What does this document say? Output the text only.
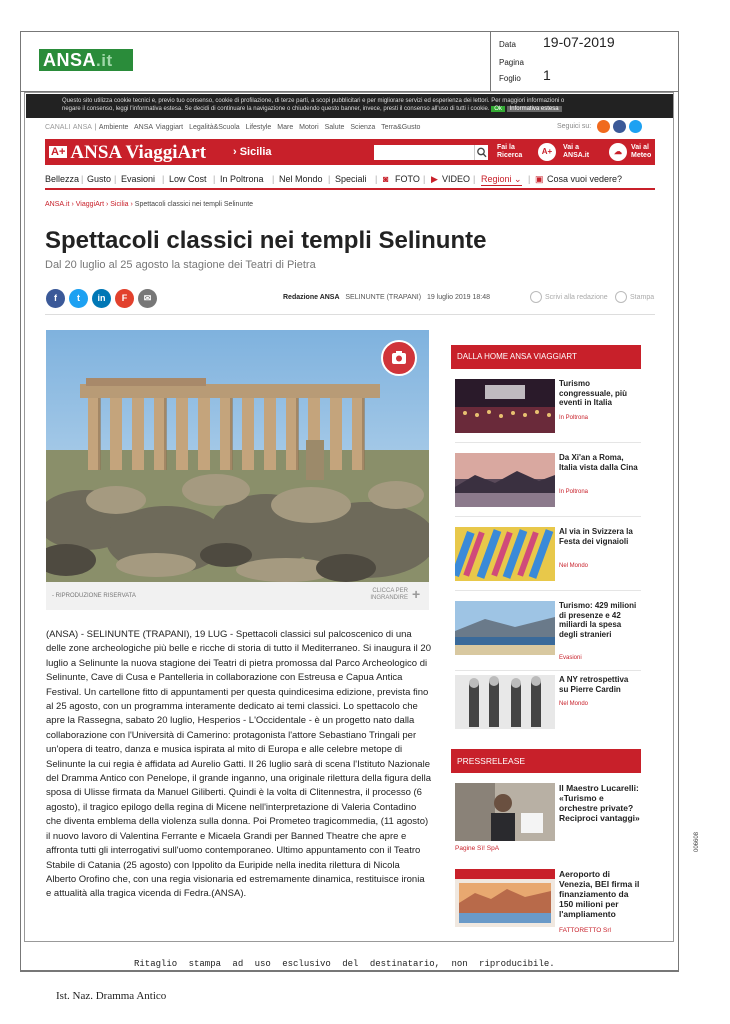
ANSA.it
Data 19-07-2019
Pagina
Foglio 1
Questo sito utilizza cookie tecnici e, previo tuo consenso, cookie di profilazione, di terze parti, a scopi pubblicitari e per migliorare servizi ed esperienza dei lettori. Per maggiori informazioni o
negare il consenso, leggi l'informativa estesa. Se decidi di continuare la navigazione o chiudendo questo banner, invece, presti il consenso all'uso di tutti i cookie. Ok Informativa estesa
CANALI ANSA | Ambiente ANSA Viaggiart Legalità&Scuola Lifestyle Mare Motori Salute Scienza Terra&Gusto	Seguici su:
A+ ANSA ViaggiArt › Sicilia	Fai la
Ricerca	A+	Vai a
ANSA.it	☁	Vai al
Meteo
Bellezza | Gusto | Evasioni | Low Cost | In Poltrona | Nel Mondo | Speciali | ◙ FOTO | ▶ VIDEO | Regioni ⌄ | ▣ Cosa vuoi vedere?
ANSA.it › ViaggiArt › Sicilia › Spettacoli classici nei templi Selinunte
Spettacoli classici nei templi Selinunte
Dal 20 luglio al 25 agosto la stagione dei Teatri di Pietra
f	t	in	F	✉	Redazione ANSA SELINUNTE (TRAPANI) 19 luglio 2019 18:48	Scrivi alla redazione	Stampa
- RIPRODUZIONE RISERVATA
CLICCA PER
INGRANDIRE +

(ANSA) - SELINUNTE (TRAPANI), 19 LUG - Spettacoli classici sul palcoscenico di una delle zone archeologiche più belle e ricche di storia di tutto il Mediterraneo. Si inaugura il 20 luglio a Selinunte la nuova stagione dei Teatri di pietra promossa dal Parco Archeologico di Selinunte, Cave di Cusa e Pantelleria in collaborazione con Estreusa e Capua Antica Festival. Un cartellone fitto di appuntamenti per questa quindicesima edizione, prevista fino al 25 agosto, con un programma interamente dedicato ai temi classici. Lo spettacolo che apre la Rassegna, sabato 20 luglio, Hesperios - L'Occidentale - è un progetto nato dalla collaborazione con l'Università di Camerino: protagonista l'attore Sebastiano Tringali per un'opera di teatro, danza e musica ispirata al mito di Europa e alle celebre metope di Selinunte la cui regia è affidata ad Aurelio Gatti. Il 26 luglio sarà di scena l'Istituto Nazionale del Dramma Antico con Penelope, il grande inganno, una originale rilettura della figura della sposa di Ulisse firmata da Manuel Giliberti. Quindi è la volta di Clitennestra, il processo (6 agosto), il tragico epilogo della regina di Micene nell'interpretazione di Valeria Contadino che diventa emblema della violenza sulla donna. Poi Prometeo tragicommedia, (11 agosto) il nuovo lavoro di Valentina Ferrante e Micaela Grandi per Banned Theatre che apre e affronta tutti gli interrogativi sull'uomo contemporaneo. Ultimo appuntamento con il Teatro Stabile di Catania (25 agosto) con Ippolito da Euripide nella inedita rilettura di Nicola Alberto Orofino che, con una regia visionaria ed estremamente dinamica, restituisce ironia e attualità alla tragica vicenda di Fedra.(ANSA).

DALLA HOME ANSA VIAGGIART
Turismo congressuale, più eventi in Italia
In Poltrona
Da Xi'an a Roma, Italia vista dalla Cina
In Poltrona
Al via in Svizzera la Festa dei vignaioli
Nel Mondo
Turismo: 429 milioni di presenze e 42 miliardi la spesa degli stranieri
Evasioni
A NY retrospettiva su Pierre Cardin
Nel Mondo
PRESSRELEASE
Il Maestro Lucarelli: «Turismo e orchestre private? Reciproci vantaggi»
Pagine Sì! SpA
Aeroporto di Venezia, BEI firma il finanziamento da 150 milioni per l'ampliamento
FATTORETTO Srl
Ritaglio stampa ad uso esclusivo del destinatario, non riproducibile.
006608
Ist. Naz. Dramma Antico
